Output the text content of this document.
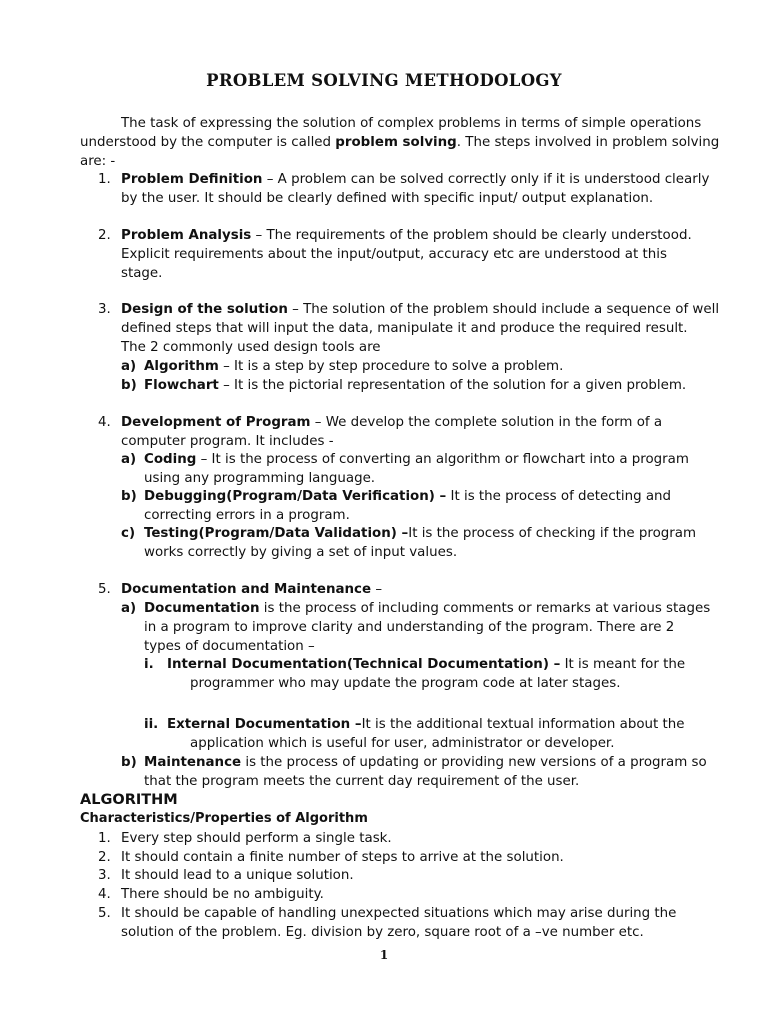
PROBLEM SOLVING METHODOLOGY
The task of expressing the solution of complex problems in terms of simple operations
understood by the computer is called problem solving. The steps involved in problem solving
are: -
1. Problem Definition – A problem can be solved correctly only if it is understood clearly
by the user. It should be clearly defined with specific input/ output explanation.
2. Problem Analysis – The requirements of the problem should be clearly understood.
Explicit requirements about the input/output, accuracy etc are understood at this
stage.
3. Design of the solution – The solution of the problem should include a sequence of well
defined steps that will input the data, manipulate it and produce the required result.
The 2 commonly used design tools are
a) Algorithm – It is a step by step procedure to solve a problem.
b) Flowchart – It is the pictorial representation of the solution for a given problem.
4. Development of Program – We develop the complete solution in the form of a
computer program. It includes -
a) Coding – It is the process of converting an algorithm or flowchart into a program
using any programming language.
b) Debugging(Program/Data Verification) – It is the process of detecting and
correcting errors in a program.
c) Testing(Program/Data Validation) –It is the process of checking if the program
works correctly by giving a set of input values.
5. Documentation and Maintenance –
a) Documentation is the process of including comments or remarks at various stages
in a program to improve clarity and understanding of the program. There are 2
types of documentation –
i. Internal Documentation(Technical Documentation) – It is meant for the
programmer who may update the program code at later stages.
ii. External Documentation –It is the additional textual information about the
application which is useful for user, administrator or developer.
b) Maintenance is the process of updating or providing new versions of a program so
that the program meets the current day requirement of the user.
ALGORITHM
Characteristics/Properties of Algorithm
1. Every step should perform a single task.
2. It should contain a finite number of steps to arrive at the solution.
3. It should lead to a unique solution.
4. There should be no ambiguity.
5. It should be capable of handling unexpected situations which may arise during the
solution of the problem. Eg. division by zero, square root of a –ve number etc.
1
